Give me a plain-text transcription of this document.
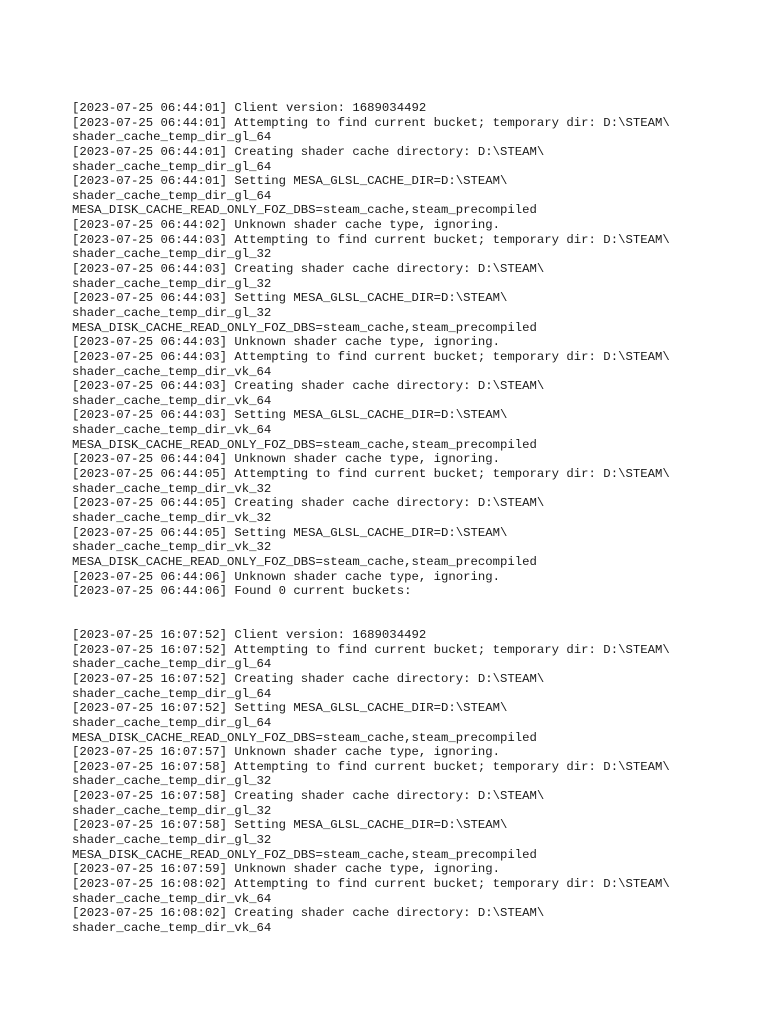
[2023-07-25 06:44:01] Client version: 1689034492
[2023-07-25 06:44:01] Attempting to find current bucket; temporary dir: D:\STEAM\
shader_cache_temp_dir_gl_64
[2023-07-25 06:44:01] Creating shader cache directory: D:\STEAM\
shader_cache_temp_dir_gl_64
[2023-07-25 06:44:01] Setting MESA_GLSL_CACHE_DIR=D:\STEAM\
shader_cache_temp_dir_gl_64
MESA_DISK_CACHE_READ_ONLY_FOZ_DBS=steam_cache,steam_precompiled
[2023-07-25 06:44:02] Unknown shader cache type, ignoring.
[2023-07-25 06:44:03] Attempting to find current bucket; temporary dir: D:\STEAM\
shader_cache_temp_dir_gl_32
[2023-07-25 06:44:03] Creating shader cache directory: D:\STEAM\
shader_cache_temp_dir_gl_32
[2023-07-25 06:44:03] Setting MESA_GLSL_CACHE_DIR=D:\STEAM\
shader_cache_temp_dir_gl_32
MESA_DISK_CACHE_READ_ONLY_FOZ_DBS=steam_cache,steam_precompiled
[2023-07-25 06:44:03] Unknown shader cache type, ignoring.
[2023-07-25 06:44:03] Attempting to find current bucket; temporary dir: D:\STEAM\
shader_cache_temp_dir_vk_64
[2023-07-25 06:44:03] Creating shader cache directory: D:\STEAM\
shader_cache_temp_dir_vk_64
[2023-07-25 06:44:03] Setting MESA_GLSL_CACHE_DIR=D:\STEAM\
shader_cache_temp_dir_vk_64
MESA_DISK_CACHE_READ_ONLY_FOZ_DBS=steam_cache,steam_precompiled
[2023-07-25 06:44:04] Unknown shader cache type, ignoring.
[2023-07-25 06:44:05] Attempting to find current bucket; temporary dir: D:\STEAM\
shader_cache_temp_dir_vk_32
[2023-07-25 06:44:05] Creating shader cache directory: D:\STEAM\
shader_cache_temp_dir_vk_32
[2023-07-25 06:44:05] Setting MESA_GLSL_CACHE_DIR=D:\STEAM\
shader_cache_temp_dir_vk_32
MESA_DISK_CACHE_READ_ONLY_FOZ_DBS=steam_cache,steam_precompiled
[2023-07-25 06:44:06] Unknown shader cache type, ignoring.
[2023-07-25 06:44:06] Found 0 current buckets:
[2023-07-25 16:07:52] Client version: 1689034492
[2023-07-25 16:07:52] Attempting to find current bucket; temporary dir: D:\STEAM\
shader_cache_temp_dir_gl_64
[2023-07-25 16:07:52] Creating shader cache directory: D:\STEAM\
shader_cache_temp_dir_gl_64
[2023-07-25 16:07:52] Setting MESA_GLSL_CACHE_DIR=D:\STEAM\
shader_cache_temp_dir_gl_64
MESA_DISK_CACHE_READ_ONLY_FOZ_DBS=steam_cache,steam_precompiled
[2023-07-25 16:07:57] Unknown shader cache type, ignoring.
[2023-07-25 16:07:58] Attempting to find current bucket; temporary dir: D:\STEAM\
shader_cache_temp_dir_gl_32
[2023-07-25 16:07:58] Creating shader cache directory: D:\STEAM\
shader_cache_temp_dir_gl_32
[2023-07-25 16:07:58] Setting MESA_GLSL_CACHE_DIR=D:\STEAM\
shader_cache_temp_dir_gl_32
MESA_DISK_CACHE_READ_ONLY_FOZ_DBS=steam_cache,steam_precompiled
[2023-07-25 16:07:59] Unknown shader cache type, ignoring.
[2023-07-25 16:08:02] Attempting to find current bucket; temporary dir: D:\STEAM\
shader_cache_temp_dir_vk_64
[2023-07-25 16:08:02] Creating shader cache directory: D:\STEAM\
shader_cache_temp_dir_vk_64
